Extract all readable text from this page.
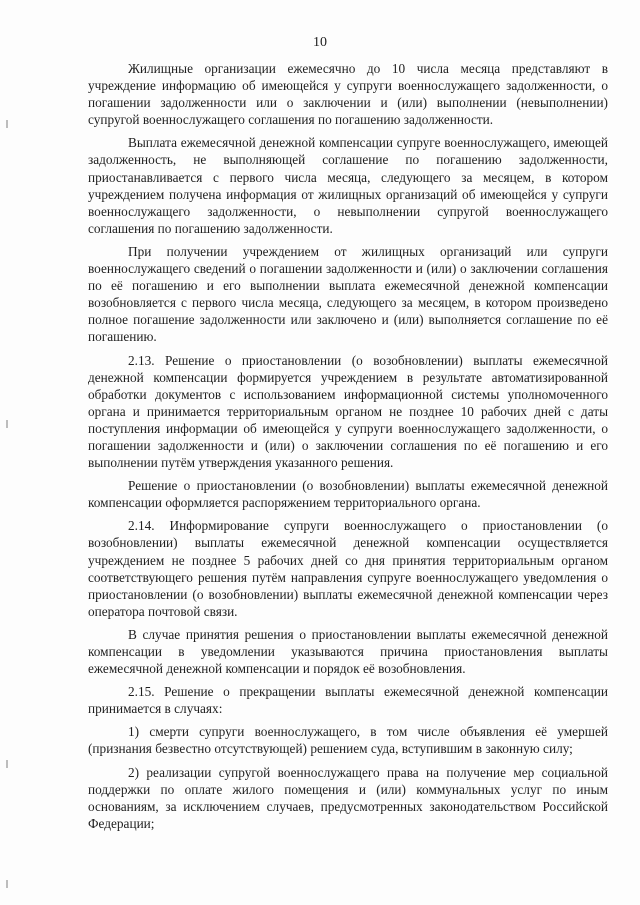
10

Жилищные организации ежемесячно до 10 числа месяца представляют в учреждение информацию об имеющейся у супруги военнослужащего задолженности, о погашении задолженности или о заключении и (или) выполнении (невыполнении) супругой военнослужащего соглашения по погашению задолженности.

Выплата ежемесячной денежной компенсации супруге военнослужащего, имеющей задолженность, не выполняющей соглашение по погашению задолженности, приостанавливается с первого числа месяца, следующего за месяцем, в котором учреждением получена информация от жилищных организаций об имеющейся у супруги военнослужащего задолженности, о невыполнении супругой военнослужащего соглашения по погашению задолженности.

При получении учреждением от жилищных организаций или супруги военнослужащего сведений о погашении задолженности и (или) о заключении соглашения по её погашению и его выполнении выплата ежемесячной денежной компенсации возобновляется с первого числа месяца, следующего за месяцем, в котором произведено полное погашение задолженности или заключено и (или) выполняется соглашение по её погашению.

2.13. Решение о приостановлении (о возобновлении) выплаты ежемесячной денежной компенсации формируется учреждением в результате автоматизированной обработки документов с использованием информационной системы уполномоченного органа и принимается территориальным органом не позднее 10 рабочих дней с даты поступления информации об имеющейся у супруги военнослужащего задолженности, о погашении задолженности и (или) о заключении соглашения по её погашению и его выполнении путём утверждения указанного решения.

Решение о приостановлении (о возобновлении) выплаты ежемесячной денежной компенсации оформляется распоряжением территориального органа.

2.14. Информирование супруги военнослужащего о приостановлении (о возобновлении) выплаты ежемесячной денежной компенсации осуществляется учреждением не позднее 5 рабочих дней со дня принятия территориальным органом соответствующего решения путём направления супруге военнослужащего уведомления о приостановлении (о возобновлении) выплаты ежемесячной денежной компенсации через оператора почтовой связи.

В случае принятия решения о приостановлении выплаты ежемесячной денежной компенсации в уведомлении указываются причина приостановления выплаты ежемесячной денежной компенсации и порядок её возобновления.

2.15. Решение о прекращении выплаты ежемесячной денежной компенсации принимается в случаях:

1) смерти супруги военнослужащего, в том числе объявления её умершей (признания безвестно отсутствующей) решением суда, вступившим в законную силу;

2) реализации супругой военнослужащего права на получение мер социальной поддержки по оплате жилого помещения и (или) коммунальных услуг по иным основаниям, за исключением случаев, предусмотренных законодательством Российской Федерации;
